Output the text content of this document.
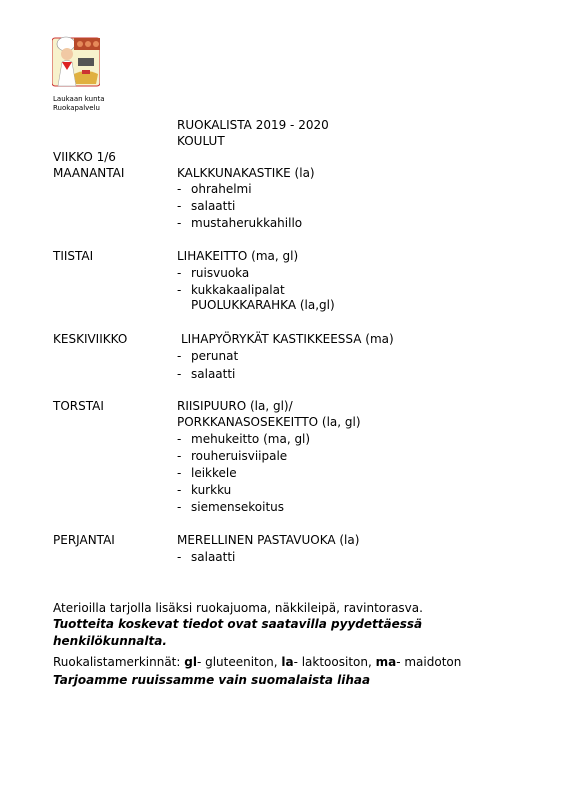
Laukaan kunta
Ruokapalvelu
RUOKALISTA 2019 - 2020
KOULUT
VIIKKO 1/6
MAANANTAI	KALKKUNAKASTIKE (la)
- ohrahelmi
- salaatti
- mustaherukkahillo
TIISTAI	LIHAKEITTO (ma, gl)
- ruisvuoka
- kukkakaalipalat
PUOLUKKARAHKA (la,gl)
KESKIVIIKKO	LIHAPYÖRYKÄT KASTIKKEESSA (ma)
- perunat
- salaatti
TORSTAI	RIISIPUURO (la, gl)/
PORKKANASOSEKEITTO (la, gl)
- mehukeitto (ma, gl)
- rouheruisviipale
- leikkele
- kurkku
- siemensekoitus
PERJANTAI	MERELLINEN PASTAVUOKA (la)
- salaatti
Aterioilla tarjolla lisäksi ruokajuoma, näkkileipä, ravintorasva.
Tuotteita koskevat tiedot ovat saatavilla pyydettäessä
henkilökunnalta.
Ruokalistamerkinnät: gl- gluteeniton, la- laktoositon, ma- maidoton
Tarjoamme ruuissamme vain suomalaista lihaa
